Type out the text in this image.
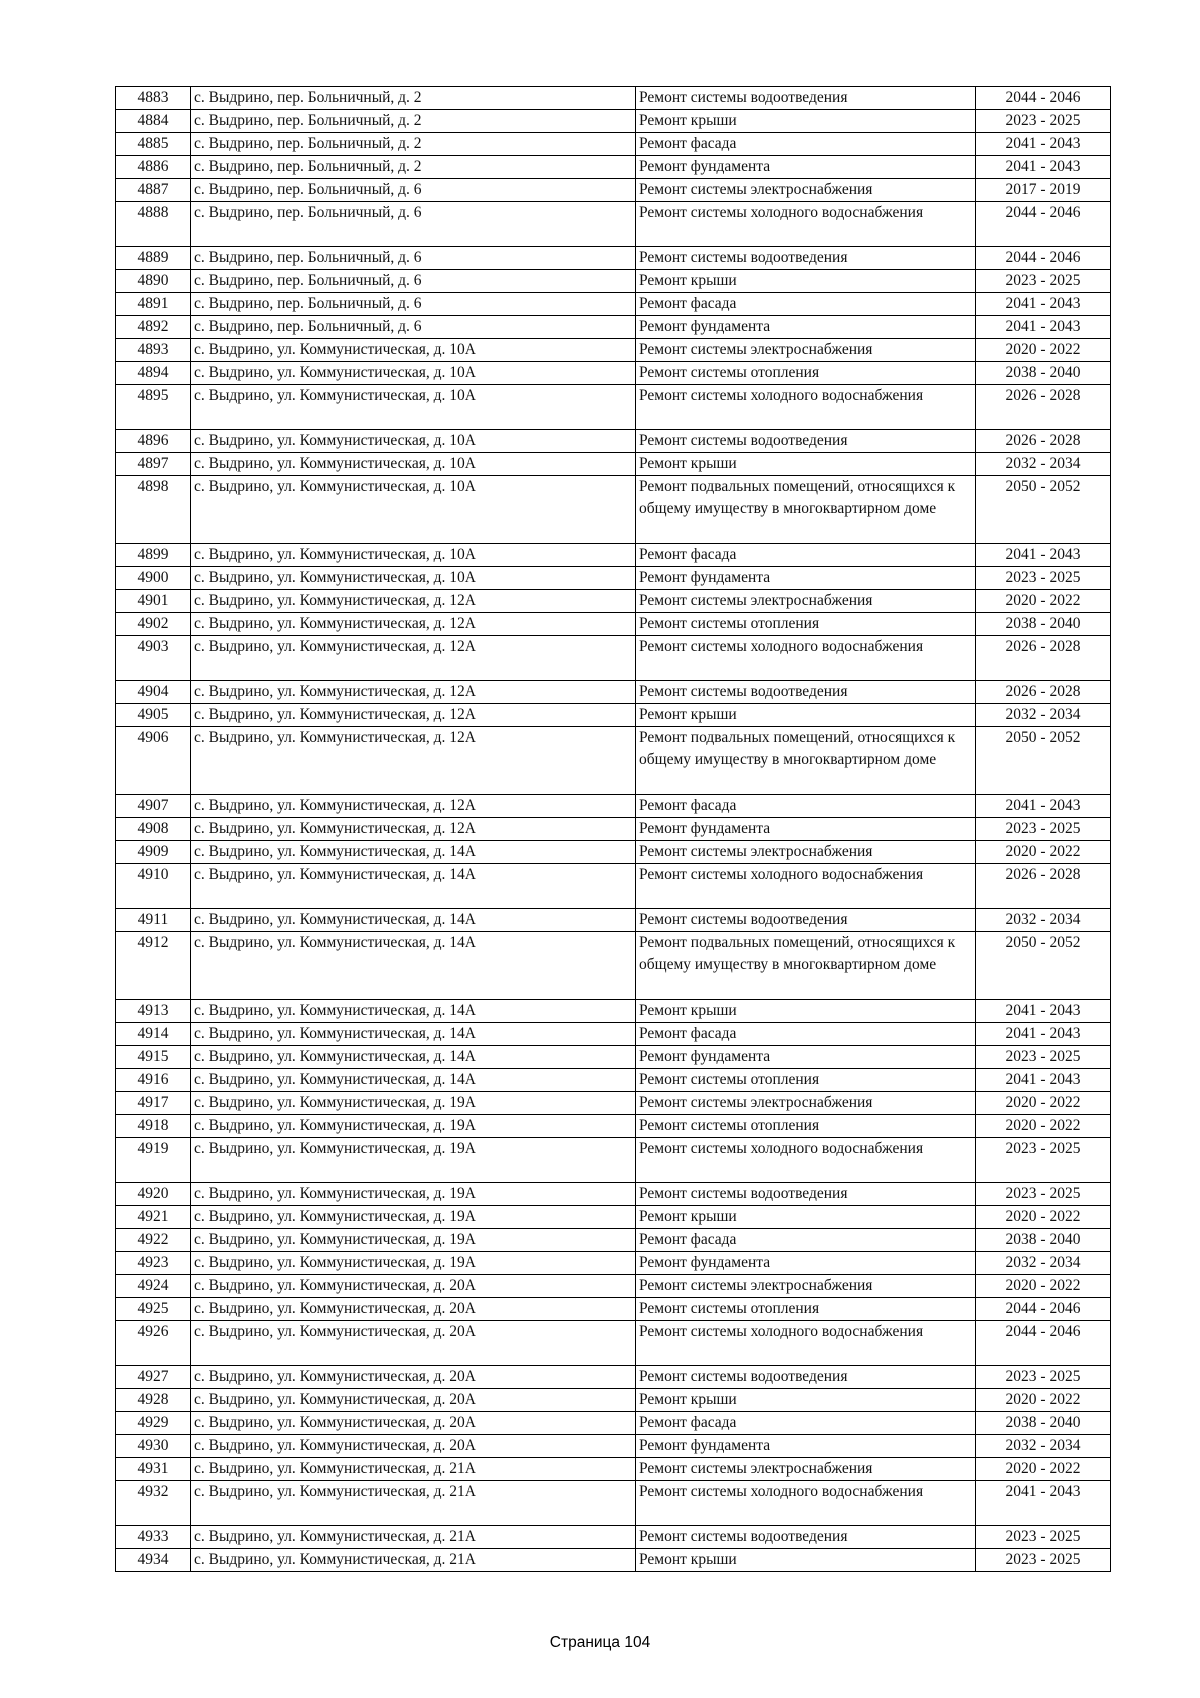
4883	с. Выдрино, пер. Больничный, д. 2	Ремонт системы водоотведения	2044 - 2046
4884	с. Выдрино, пер. Больничный, д. 2	Ремонт крыши	2023 - 2025
4885	с. Выдрино, пер. Больничный, д. 2	Ремонт фасада	2041 - 2043
4886	с. Выдрино, пер. Больничный, д. 2	Ремонт фундамента	2041 - 2043
4887	с. Выдрино, пер. Больничный, д. 6	Ремонт системы электроснабжения	2017 - 2019
4888	с. Выдрино, пер. Больничный, д. 6	Ремонт системы холодного водоснабжения	2044 - 2046
4889	с. Выдрино, пер. Больничный, д. 6	Ремонт системы водоотведения	2044 - 2046
4890	с. Выдрино, пер. Больничный, д. 6	Ремонт крыши	2023 - 2025
4891	с. Выдрино, пер. Больничный, д. 6	Ремонт фасада	2041 - 2043
4892	с. Выдрино, пер. Больничный, д. 6	Ремонт фундамента	2041 - 2043
4893	с. Выдрино, ул. Коммунистическая, д. 10А	Ремонт системы электроснабжения	2020 - 2022
4894	с. Выдрино, ул. Коммунистическая, д. 10А	Ремонт системы отопления	2038 - 2040
4895	с. Выдрино, ул. Коммунистическая, д. 10А	Ремонт системы холодного водоснабжения	2026 - 2028
4896	с. Выдрино, ул. Коммунистическая, д. 10А	Ремонт системы водоотведения	2026 - 2028
4897	с. Выдрино, ул. Коммунистическая, д. 10А	Ремонт крыши	2032 - 2034
4898	с. Выдрино, ул. Коммунистическая, д. 10А	Ремонт подвальных помещений, относящихся к общему имуществу в многоквартирном доме	2050 - 2052
4899	с. Выдрино, ул. Коммунистическая, д. 10А	Ремонт фасада	2041 - 2043
4900	с. Выдрино, ул. Коммунистическая, д. 10А	Ремонт фундамента	2023 - 2025
4901	с. Выдрино, ул. Коммунистическая, д. 12А	Ремонт системы электроснабжения	2020 - 2022
4902	с. Выдрино, ул. Коммунистическая, д. 12А	Ремонт системы отопления	2038 - 2040
4903	с. Выдрино, ул. Коммунистическая, д. 12А	Ремонт системы холодного водоснабжения	2026 - 2028
4904	с. Выдрино, ул. Коммунистическая, д. 12А	Ремонт системы водоотведения	2026 - 2028
4905	с. Выдрино, ул. Коммунистическая, д. 12А	Ремонт крыши	2032 - 2034
4906	с. Выдрино, ул. Коммунистическая, д. 12А	Ремонт подвальных помещений, относящихся к общему имуществу в многоквартирном доме	2050 - 2052
4907	с. Выдрино, ул. Коммунистическая, д. 12А	Ремонт фасада	2041 - 2043
4908	с. Выдрино, ул. Коммунистическая, д. 12А	Ремонт фундамента	2023 - 2025
4909	с. Выдрино, ул. Коммунистическая, д. 14А	Ремонт системы электроснабжения	2020 - 2022
4910	с. Выдрино, ул. Коммунистическая, д. 14А	Ремонт системы холодного водоснабжения	2026 - 2028
4911	с. Выдрино, ул. Коммунистическая, д. 14А	Ремонт системы водоотведения	2032 - 2034
4912	с. Выдрино, ул. Коммунистическая, д. 14А	Ремонт подвальных помещений, относящихся к общему имуществу в многоквартирном доме	2050 - 2052
4913	с. Выдрино, ул. Коммунистическая, д. 14А	Ремонт крыши	2041 - 2043
4914	с. Выдрино, ул. Коммунистическая, д. 14А	Ремонт фасада	2041 - 2043
4915	с. Выдрино, ул. Коммунистическая, д. 14А	Ремонт фундамента	2023 - 2025
4916	с. Выдрино, ул. Коммунистическая, д. 14А	Ремонт системы отопления	2041 - 2043
4917	с. Выдрино, ул. Коммунистическая, д. 19А	Ремонт системы электроснабжения	2020 - 2022
4918	с. Выдрино, ул. Коммунистическая, д. 19А	Ремонт системы отопления	2020 - 2022
4919	с. Выдрино, ул. Коммунистическая, д. 19А	Ремонт системы холодного водоснабжения	2023 - 2025
4920	с. Выдрино, ул. Коммунистическая, д. 19А	Ремонт системы водоотведения	2023 - 2025
4921	с. Выдрино, ул. Коммунистическая, д. 19А	Ремонт крыши	2020 - 2022
4922	с. Выдрино, ул. Коммунистическая, д. 19А	Ремонт фасада	2038 - 2040
4923	с. Выдрино, ул. Коммунистическая, д. 19А	Ремонт фундамента	2032 - 2034
4924	с. Выдрино, ул. Коммунистическая, д. 20А	Ремонт системы электроснабжения	2020 - 2022
4925	с. Выдрино, ул. Коммунистическая, д. 20А	Ремонт системы отопления	2044 - 2046
4926	с. Выдрино, ул. Коммунистическая, д. 20А	Ремонт системы холодного водоснабжения	2044 - 2046
4927	с. Выдрино, ул. Коммунистическая, д. 20А	Ремонт системы водоотведения	2023 - 2025
4928	с. Выдрино, ул. Коммунистическая, д. 20А	Ремонт крыши	2020 - 2022
4929	с. Выдрино, ул. Коммунистическая, д. 20А	Ремонт фасада	2038 - 2040
4930	с. Выдрино, ул. Коммунистическая, д. 20А	Ремонт фундамента	2032 - 2034
4931	с. Выдрино, ул. Коммунистическая, д. 21А	Ремонт системы электроснабжения	2020 - 2022
4932	с. Выдрино, ул. Коммунистическая, д. 21А	Ремонт системы холодного водоснабжения	2041 - 2043
4933	с. Выдрино, ул. Коммунистическая, д. 21А	Ремонт системы водоотведения	2023 - 2025
4934	с. Выдрино, ул. Коммунистическая, д. 21А	Ремонт крыши	2023 - 2025
Страница 104
